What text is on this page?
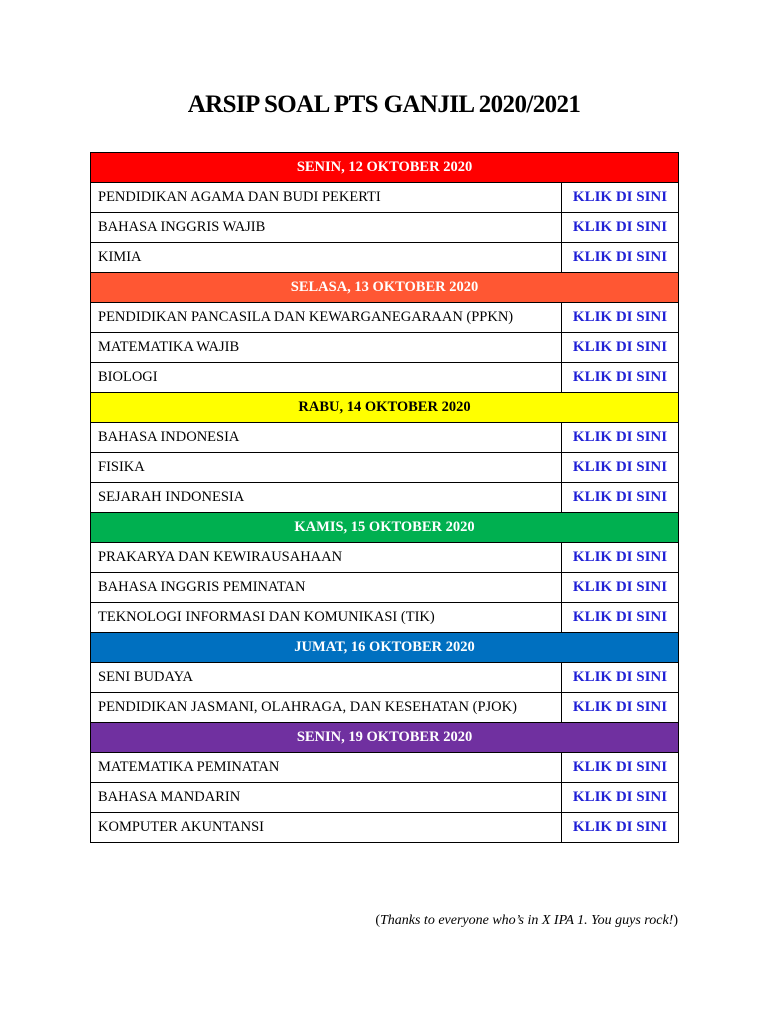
ARSIP SOAL PTS GANJIL 2020/2021
SENIN, 12 OKTOBER 2020	
PENDIDIKAN AGAMA DAN BUDI PEKERTI	KLIK DI SINI
BAHASA INGGRIS WAJIB	KLIK DI SINI
KIMIA	KLIK DI SINI
SELASA, 13 OKTOBER 2020	
PENDIDIKAN PANCASILA DAN KEWARGANEGARAAN (PPKN)	KLIK DI SINI
MATEMATIKA WAJIB	KLIK DI SINI
BIOLOGI	KLIK DI SINI
RABU, 14 OKTOBER 2020	
BAHASA INDONESIA	KLIK DI SINI
FISIKA	KLIK DI SINI
SEJARAH INDONESIA	KLIK DI SINI
KAMIS, 15 OKTOBER 2020	
PRAKARYA DAN KEWIRAUSAHAAN	KLIK DI SINI
BAHASA INGGRIS PEMINATAN	KLIK DI SINI
TEKNOLOGI INFORMASI DAN KOMUNIKASI (TIK)	KLIK DI SINI
JUMAT, 16 OKTOBER 2020	
SENI BUDAYA	KLIK DI SINI
PENDIDIKAN JASMANI, OLAHRAGA, DAN KESEHATAN (PJOK)	KLIK DI SINI
SENIN, 19 OKTOBER 2020	
MATEMATIKA PEMINATAN	KLIK DI SINI
BAHASA MANDARIN	KLIK DI SINI
KOMPUTER AKUNTANSI	KLIK DI SINI
(Thanks to everyone who’s in X IPA 1. You guys rock!)
